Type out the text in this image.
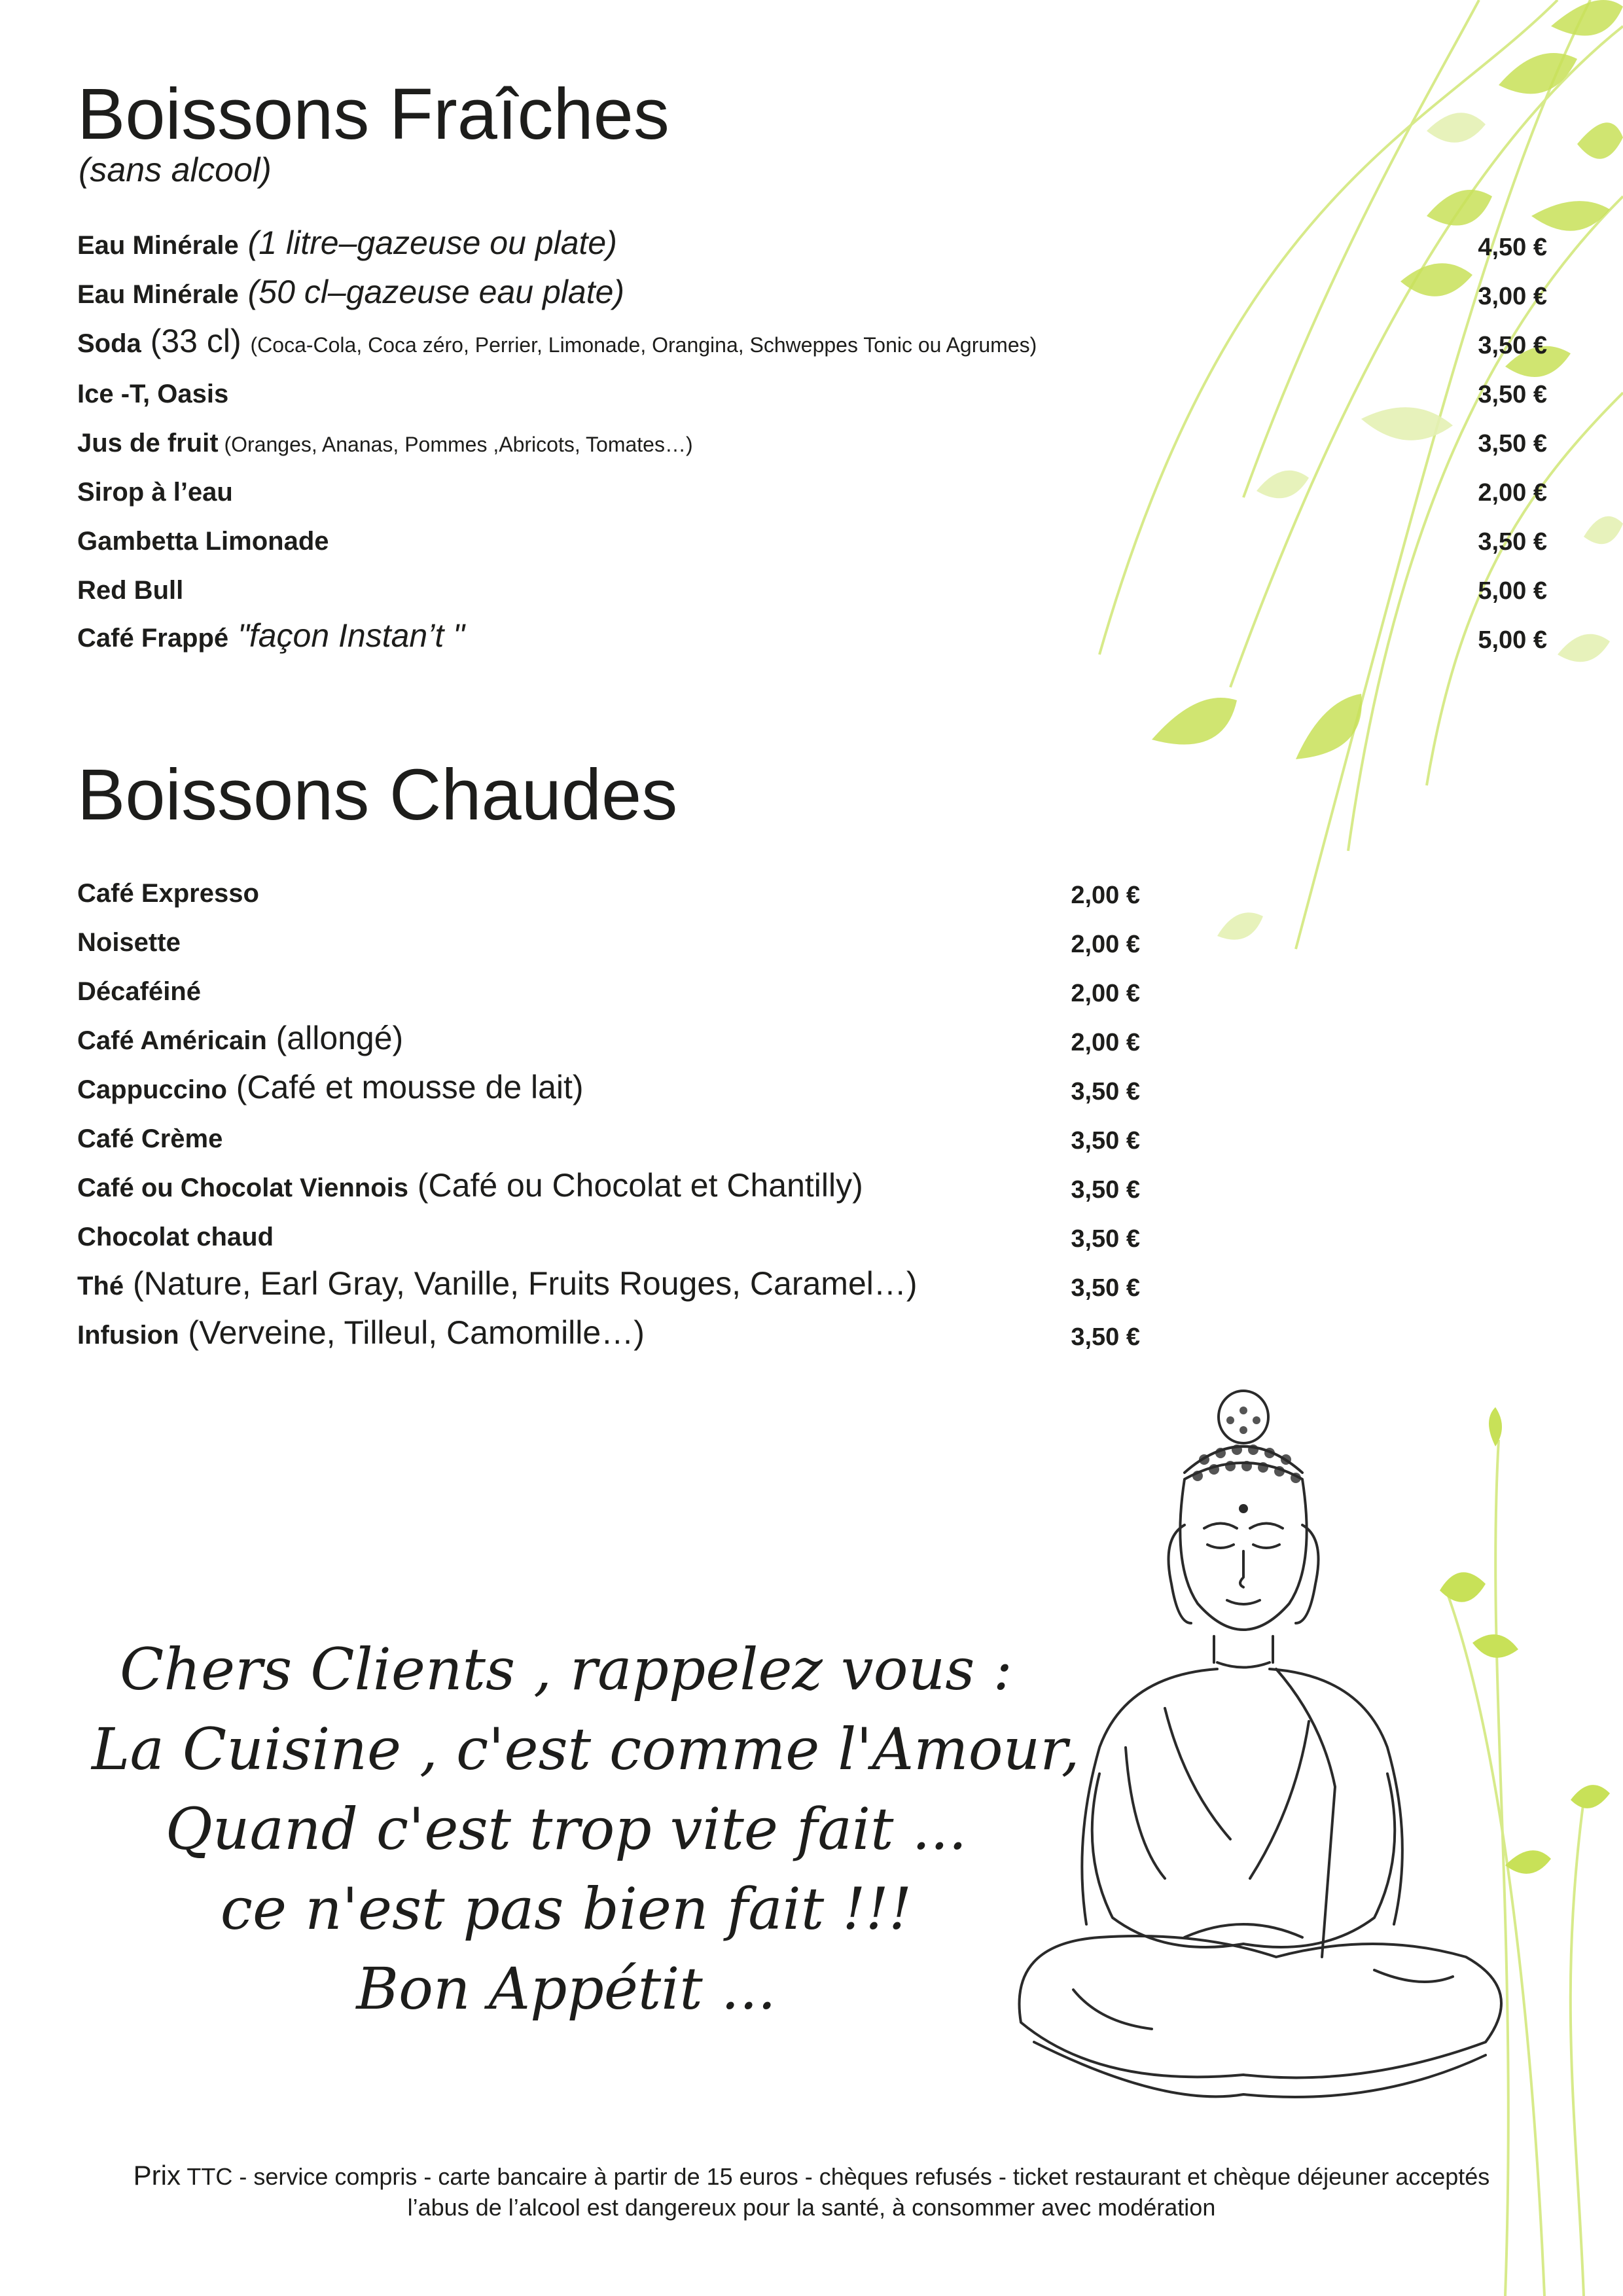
Boissons Fraîches
(sans alcool)
Eau Minérale (1 litre–gazeuse ou plate)	4,50 €
Eau Minérale (50 cl–gazeuse eau plate)	3,00 €
Soda (33 cl) (Coca-Cola, Coca zéro, Perrier, Limonade, Orangina, Schweppes Tonic ou Agrumes)	3,50 €
Ice -T, Oasis	3,50 €
Jus de fruit (Oranges, Ananas, Pommes ,Abricots, Tomates…)	3,50 €
Sirop à l’eau	2,00 €
Gambetta Limonade	3,50 €
Red Bull	5,00 €
Café Frappé "façon Instan’t "	5,00 €
Boissons Chaudes
Café Expresso	2,00 €
Noisette	2,00 €
Décaféiné	2,00 €
Café Américain (allongé)	2,00 €
Cappuccino (Café et mousse de lait)	3,50 €
Café Crème	3,50 €
Café ou Chocolat Viennois (Café ou Chocolat et Chantilly)	3,50 €
Chocolat chaud	3,50 €
Thé (Nature, Earl Gray, Vanille, Fruits Rouges, Caramel…)	3,50 €
Infusion (Verveine, Tilleul, Camomille…)	3,50 €
Chers Clients , rappelez vous :
La Cuisine , c'est comme l'Amour,
Quand c'est trop vite fait ...
ce n'est pas bien fait !!!
Bon Appétit ...
Prix TTC - service compris - carte bancaire à partir de 15 euros - chèques refusés - ticket restaurant et chèque déjeuner acceptés
l’abus de l’alcool est dangereux pour la santé, à consommer avec modération
